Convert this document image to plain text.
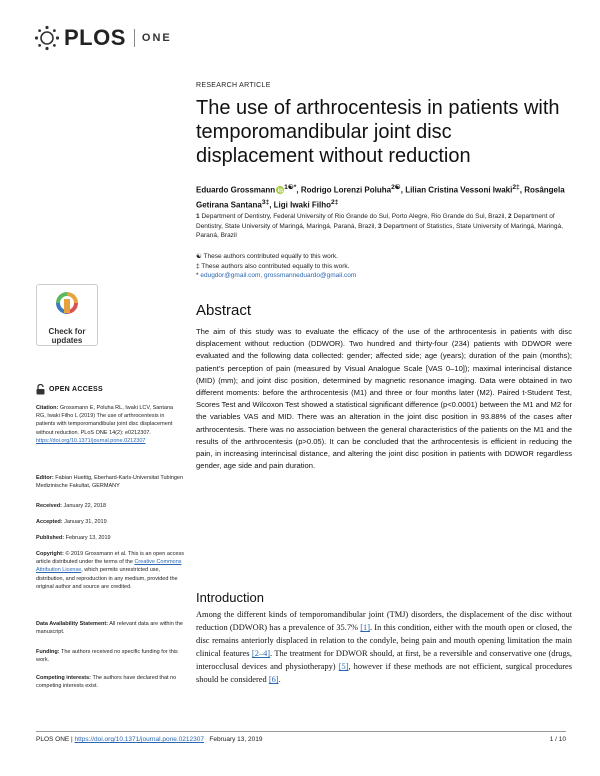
PLOS ONE
Check for
updates
OPEN ACCESS
Citation: Grossmann E, Poluha RL, Iwaki LCV, Santana RG, Iwaki Filho L (2019) The use of arthrocentesis in patients with temporomandibular joint disc displacement without reduction. PLoS ONE 14(2): e0212307. https://doi.org/10.1371/journal.pone.0212307
Editor: Fabian Huettig, Eberhard-Karls-Universitat Tubingen Medizinische Fakultat, GERMANY
Received: January 22, 2018
Accepted: January 31, 2019
Published: February 13, 2019
Copyright: © 2019 Grossmann et al. This is an open access article distributed under the terms of the Creative Commons Attribution License, which permits unrestricted use, distribution, and reproduction in any medium, provided the original author and source are credited.
Data Availability Statement: All relevant data are within the manuscript.
Funding: The authors received no specific funding for this work.
Competing interests: The authors have declared that no competing interests exist.
RESEARCH ARTICLE
The use of arthrocentesis in patients with temporomandibular joint disc displacement without reduction
Eduardo Grossmann $^{1☯*}$, Rodrigo Lorenzi Poluha$^{2☯}$, Lilian Cristina Vessoni Iwaki$^{2\ddagger}$, Rosângela Getirana Santana$^{3\ddagger}$, Ligi Iwaki Filho$^{2\ddagger}$
1 Department of Dentistry, Federal University of Rio Grande do Sul, Porto Alegre, Rio Grande do Sul, Brazil, 2 Department of Dentistry, State University of Maringá, Maringá, Paraná, Brazil, 3 Department of Statistics, State University of Maringá, Maringá, Paraná, Brazil
☯ These authors contributed equally to this work.
‡ These authors also contributed equally to this work.
* edugdor@gmail.com, grossmanneduardo@gmail.com
Abstract
The aim of this study was to evaluate the efficacy of the use of the arthrocentesis in patients with disc displacement without reduction (DDWOR). Two hundred and thirty-four (234) patients with DDWOR were evaluated and the following data collected: gender; affected side; age (years); duration of the pain (months); patient’s perception of pain (measured by Visual Analogue Scale [VAS 0–10]); maximal interincisal distance (MID) (mm); and joint disc position, determined by magnetic resonance imaging. Data were obtained in two different moments: before the arthrocentesis (M1) and three or four months later (M2). Paired t-Student Test, Scores Test and Wilcoxon Test showed a statistical significant difference (p<0.0001) between the M1 and M2 for the variables VAS and MID. There was an alteration in the joint disc position in 93.88% of the cases after arthrocentesis. There was no association between the general characteristics of the patients on the M1 and the results of the arthrocentesis (p>0.05). It can be concluded that the arthrocentesis is efficient in reducing the pain, in increasing interincisal distance, and altering the joint disc position in patients with DDWOR regardless gender, age side and pain duration.
Introduction
Among the different kinds of temporomandibular joint (TMJ) disorders, the displacement of the disc without reduction (DDWOR) has a prevalence of 35.7% [1]. In this condition, either with the mouth open or closed, the disc remains anteriorly displaced in relation to the condyle, being pain and mouth opening limitation the main clinical features [2–4]. The treatment for DDWOR should, at first, be a reversible and conservative one (drugs, interocclusal devices and physiotherapy) [5], however if these methods are not efficient, surgical procedures should be considered [6].
PLOS ONE | https://doi.org/10.1371/journal.pone.0212307 February 13, 2019	1 / 10
